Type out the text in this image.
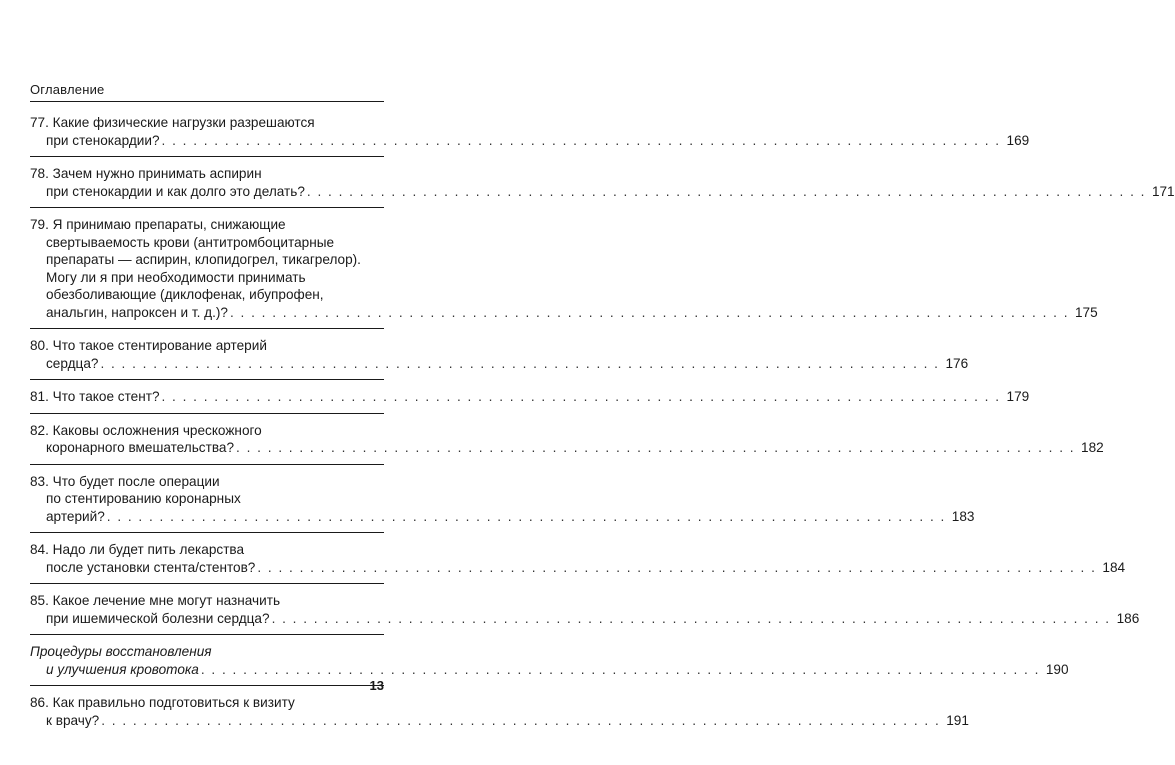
Оглавление
77. Какие физические нагрузки разрешаются
при стенокардии? . . . . . . . . . . . . . . . . . . . . . . . . . . . . . . . . . . . . . . . . . . . . . . . . . . . . . . . . . . . . . . . . . . . . . . . . . . . . . . . . 169
78. Зачем нужно принимать аспирин
при стенокардии и как долго это делать? . . . . . . . . . . . . . . . . . . . . . . . . . . . . . . . . . . . . . . . . . . . . . . . . . . . . . . . . . . . . . . . . . . . . . . . . . . . . . . . . 171
79. Я принимаю препараты, снижающие
свертываемость крови (антитромбоцитарные
препараты — аспирин, клопидогрел, тикагрелор).
Могу ли я при необходимости принимать
обезболивающие (диклофенак, ибупрофен,
анальгин, напроксен и т. д.)? . . . . . . . . . . . . . . . . . . . . . . . . . . . . . . . . . . . . . . . . . . . . . . . . . . . . . . . . . . . . . . . . . . . . . . . . . . . . . . . . 175
80. Что такое стентирование артерий
сердца? . . . . . . . . . . . . . . . . . . . . . . . . . . . . . . . . . . . . . . . . . . . . . . . . . . . . . . . . . . . . . . . . . . . . . . . . . . . . . . . . 176
81. Что такое стент? . . . . . . . . . . . . . . . . . . . . . . . . . . . . . . . . . . . . . . . . . . . . . . . . . . . . . . . . . . . . . . . . . . . . . . . . . . . . . . . . 179
82. Каковы осложнения чрескожного
коронарного вмешательства? . . . . . . . . . . . . . . . . . . . . . . . . . . . . . . . . . . . . . . . . . . . . . . . . . . . . . . . . . . . . . . . . . . . . . . . . . . . . . . . . 182
83. Что будет после операции
по стентированию коронарных
артерий? . . . . . . . . . . . . . . . . . . . . . . . . . . . . . . . . . . . . . . . . . . . . . . . . . . . . . . . . . . . . . . . . . . . . . . . . . . . . . . . . 183
84. Надо ли будет пить лекарства
после установки стента/стентов? . . . . . . . . . . . . . . . . . . . . . . . . . . . . . . . . . . . . . . . . . . . . . . . . . . . . . . . . . . . . . . . . . . . . . . . . . . . . . . . . 184
85. Какое лечение мне могут назначить
при ишемической болезни сердца? . . . . . . . . . . . . . . . . . . . . . . . . . . . . . . . . . . . . . . . . . . . . . . . . . . . . . . . . . . . . . . . . . . . . . . . . . . . . . . . . 186
Процедуры восстановления
и улучшения кровотока . . . . . . . . . . . . . . . . . . . . . . . . . . . . . . . . . . . . . . . . . . . . . . . . . . . . . . . . . . . . . . . . . . . . . . . . . . . . . . . . 190
86. Как правильно подготовиться к визиту
к врачу? . . . . . . . . . . . . . . . . . . . . . . . . . . . . . . . . . . . . . . . . . . . . . . . . . . . . . . . . . . . . . . . . . . . . . . . . . . . . . . . . 191
13
